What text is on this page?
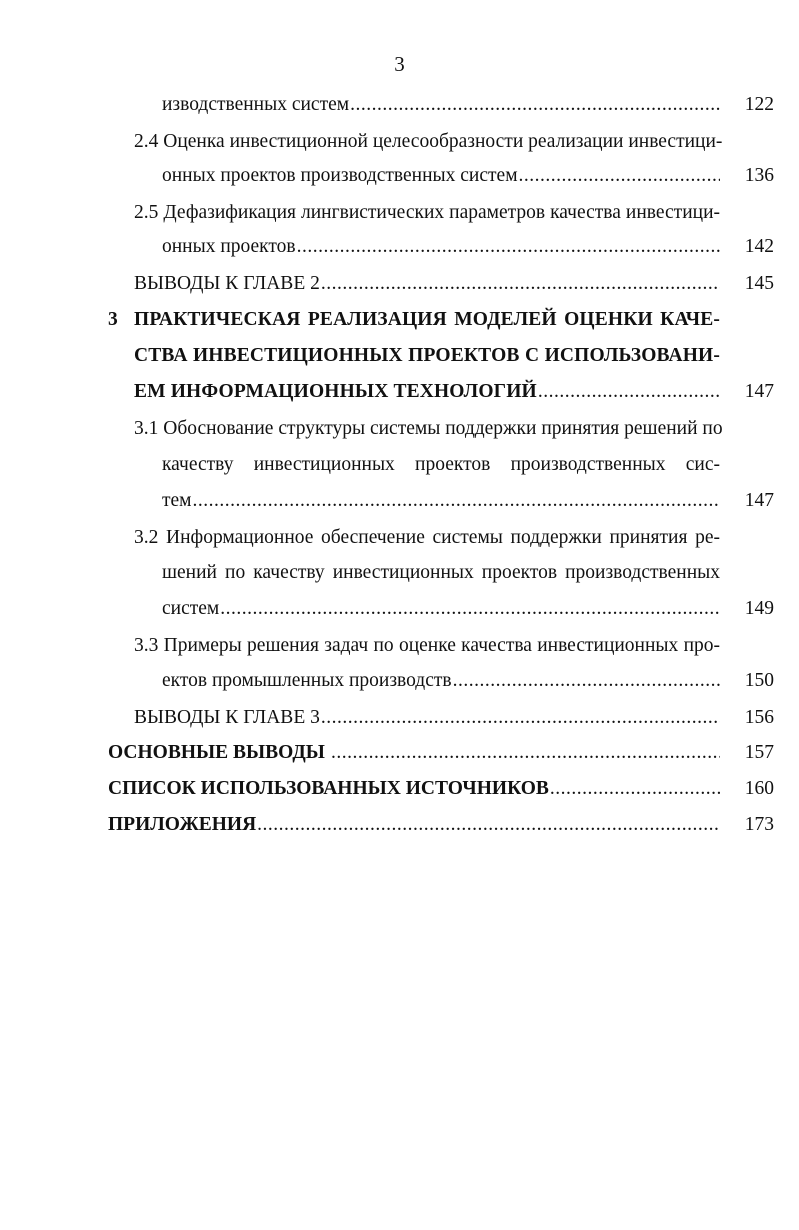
3
изводственных систем .....	122
2.4 Оценка инвестиционной целесообразности реализации инвестици-
онных проектов производственных систем .....	136
2.5 Дефазификация лингвистических параметров качества инвестици-
онных проектов .....	142
ВЫВОДЫ К ГЛАВЕ 2 .....	145
3 ПРАКТИЧЕСКАЯ РЕАЛИЗАЦИЯ МОДЕЛЕЙ ОЦЕНКИ КАЧЕ-
СТВА ИНВЕСТИЦИОННЫХ ПРОЕКТОВ С ИСПОЛЬЗОВАНИ-
ЕМ ИНФОРМАЦИОННЫХ ТЕХНОЛОГИЙ .....	147
3.1 Обоснование структуры системы поддержки принятия решений по
качеству инвестиционных проектов производственных сис-
тем .....	147
3.2 Информационное обеспечение системы поддержки принятия ре-
шений по качеству инвестиционных проектов производственных
систем .....	149
3.3 Примеры решения задач по оценке качества инвестиционных про-
ектов промышленных производств .....	150
ВЫВОДЫ К ГЛАВЕ 3 .....	156
ОСНОВНЫЕ ВЫВОДЫ .....	157
СПИСОК ИСПОЛЬЗОВАННЫХ ИСТОЧНИКОВ .....	160
ПРИЛОЖЕНИЯ .....	173
